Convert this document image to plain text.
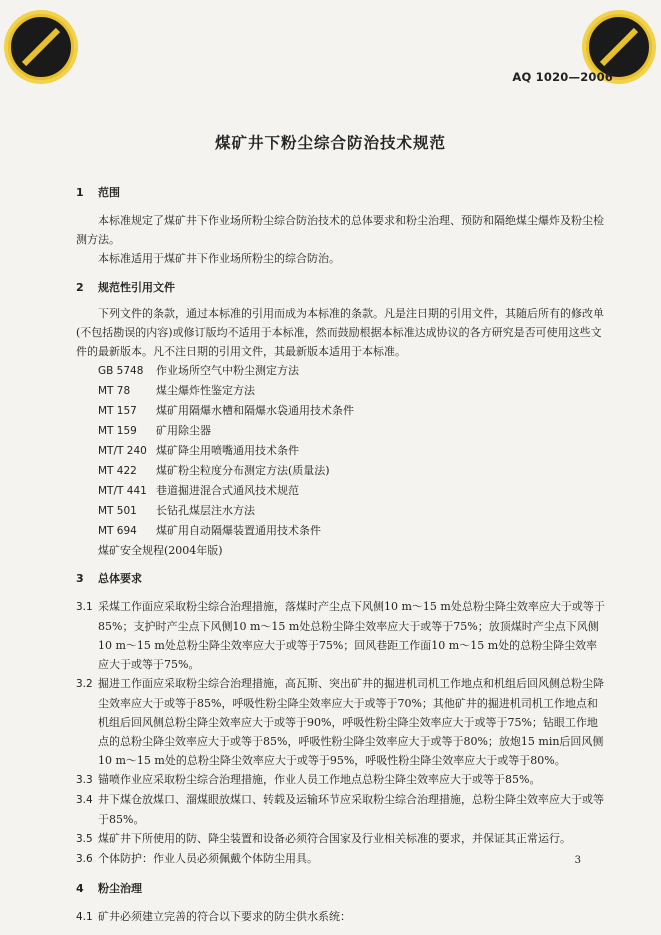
AQ 1020—2006
煤矿井下粉尘综合防治技术规范

1 范围

本标准规定了煤矿井下作业场所粉尘综合防治技术的总体要求和粉尘治理、预防和隔绝煤尘爆炸及粉尘检测方法。

本标准适用于煤矿井下作业场所粉尘的综合防治。

2 规范性引用文件

下列文件的条款，通过本标准的引用而成为本标准的条款。凡是注日期的引用文件，其随后所有的修改单(不包括勘误的内容)或修订版均不适用于本标准，然而鼓励根据本标准达成协议的各方研究是否可使用这些文件的最新版本。凡不注日期的引用文件，其最新版本适用于本标准。

GB 5748 作业场所空气中粉尘测定方法
MT 78 煤尘爆炸性鉴定方法
MT 157 煤矿用隔爆水槽和隔爆水袋通用技术条件
MT 159 矿用除尘器
MT/T 240 煤矿降尘用喷嘴通用技术条件
MT 422 煤矿粉尘粒度分布测定方法(质量法)
MT/T 441 巷道掘进混合式通风技术规范
MT 501 长钻孔煤层注水方法
MT 694 煤矿用自动隔爆装置通用技术条件
煤矿安全规程(2004年版)

3 总体要求

3.1 采煤工作面应采取粉尘综合治理措施，落煤时产尘点下风侧10 m～15 m处总粉尘降尘效率应大于或等于85%；支护时产尘点下风侧10 m～15 m处总粉尘降尘效率应大于或等于75%；放顶煤时产尘点下风侧10 m～15 m处总粉尘降尘效率应大于或等于75%；回风巷距工作面10 m～15 m处的总粉尘降尘效率应大于或等于75%。

3.2 掘进工作面应采取粉尘综合治理措施，高瓦斯、突出矿井的掘进机司机工作地点和机组后回风侧总粉尘降尘效率应大于或等于85%，呼吸性粉尘降尘效率应大于或等于70%；其他矿井的掘进机司机工作地点和机组后回风侧总粉尘降尘效率应大于或等于90%，呼吸性粉尘降尘效率应大于或等于75%；钻眼工作地点的总粉尘降尘效率应大于或等于85%，呼吸性粉尘降尘效率应大于或等于80%；放炮15 min后回风侧10 m～15 m处的总粉尘降尘效率应大于或等于95%，呼吸性粉尘降尘效率应大于或等于80%。

3.3 锚喷作业应采取粉尘综合治理措施，作业人员工作地点总粉尘降尘效率应大于或等于85%。

3.4 井下煤仓放煤口、溜煤眼放煤口、转载及运输环节应采取粉尘综合治理措施，总粉尘降尘效率应大于或等于85%。

3.5 煤矿井下所使用的防、降尘装置和设备必须符合国家及行业相关标准的要求，并保证其正常运行。

3.6 个体防护：作业人员必须佩戴个体防尘用具。

4 粉尘治理

4.1 矿井必须建立完善的符合以下要求的防尘供水系统：

3
